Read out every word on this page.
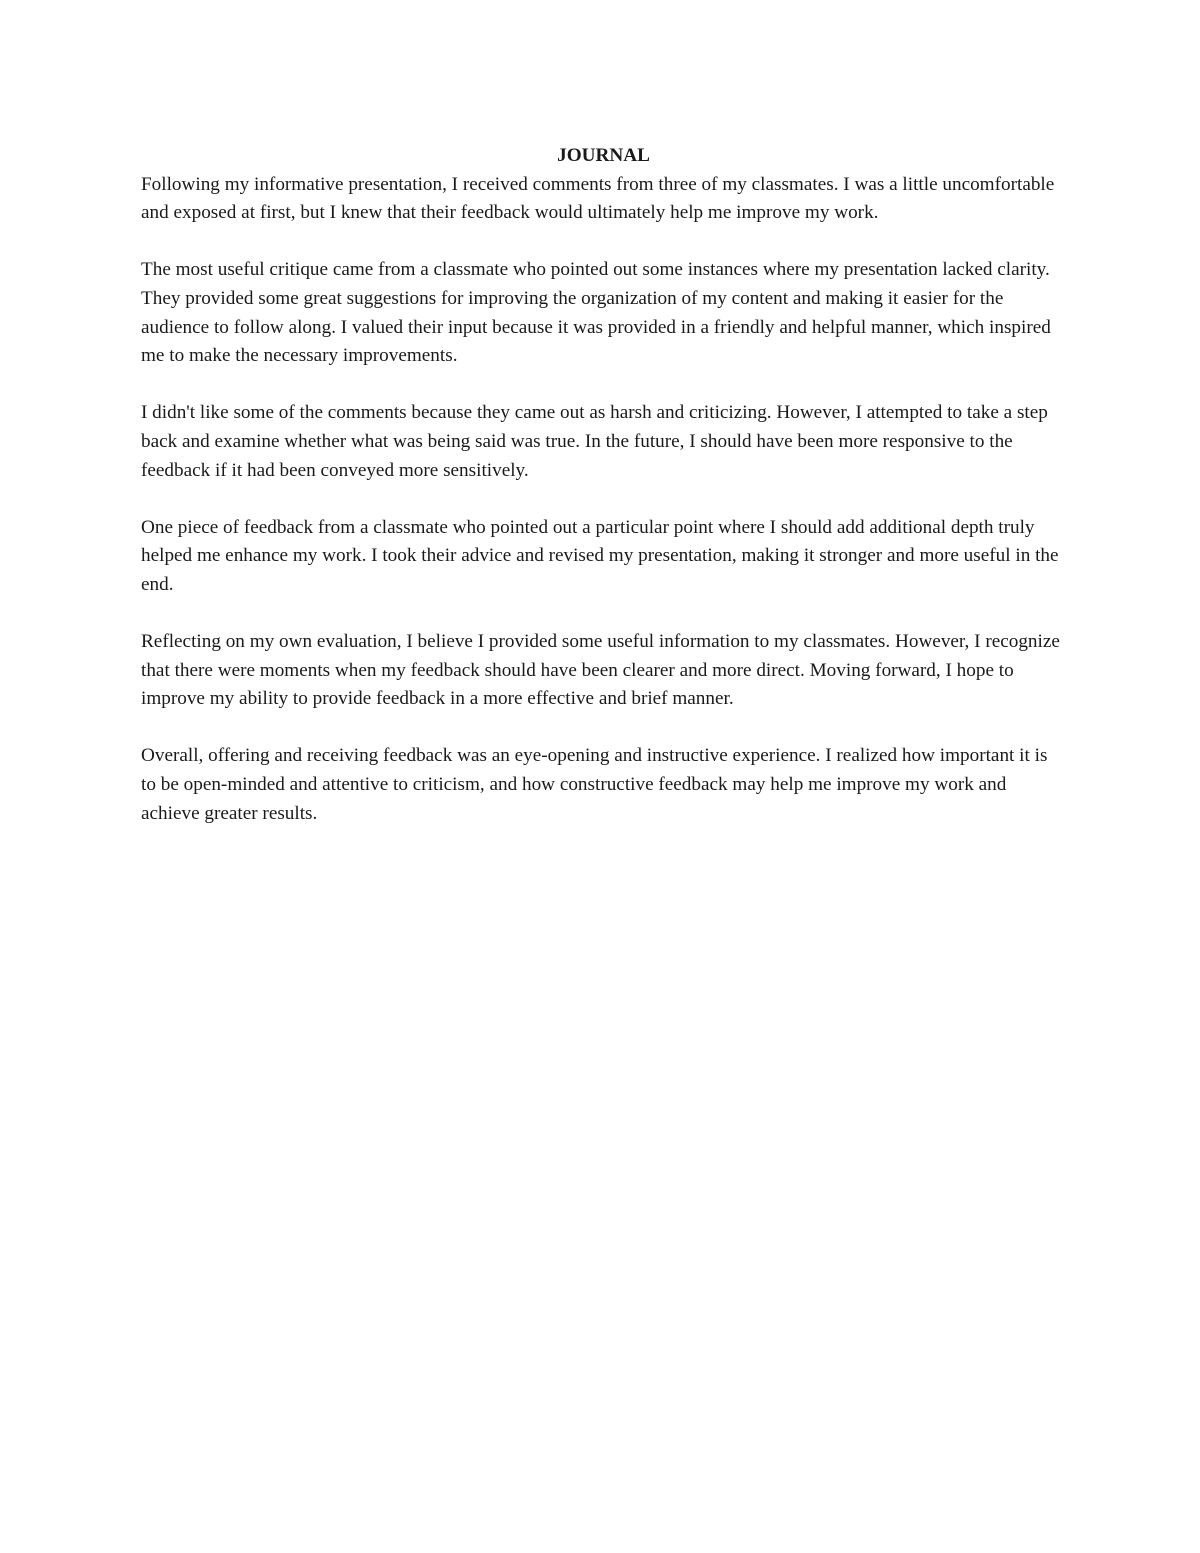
JOURNAL

Following my informative presentation, I received comments from three of my classmates. I was a little uncomfortable and exposed at first, but I knew that their feedback would ultimately help me improve my work.

The most useful critique came from a classmate who pointed out some instances where my presentation lacked clarity. They provided some great suggestions for improving the organization of my content and making it easier for the audience to follow along. I valued their input because it was provided in a friendly and helpful manner, which inspired me to make the necessary improvements.

I didn't like some of the comments because they came out as harsh and criticizing. However, I attempted to take a step back and examine whether what was being said was true. In the future, I should have been more responsive to the feedback if it had been conveyed more sensitively.

One piece of feedback from a classmate who pointed out a particular point where I should add additional depth truly helped me enhance my work. I took their advice and revised my presentation, making it stronger and more useful in the end.

Reflecting on my own evaluation, I believe I provided some useful information to my classmates. However, I recognize that there were moments when my feedback should have been clearer and more direct. Moving forward, I hope to improve my ability to provide feedback in a more effective and brief manner.

Overall, offering and receiving feedback was an eye-opening and instructive experience. I realized how important it is to be open-minded and attentive to criticism, and how constructive feedback may help me improve my work and achieve greater results.
